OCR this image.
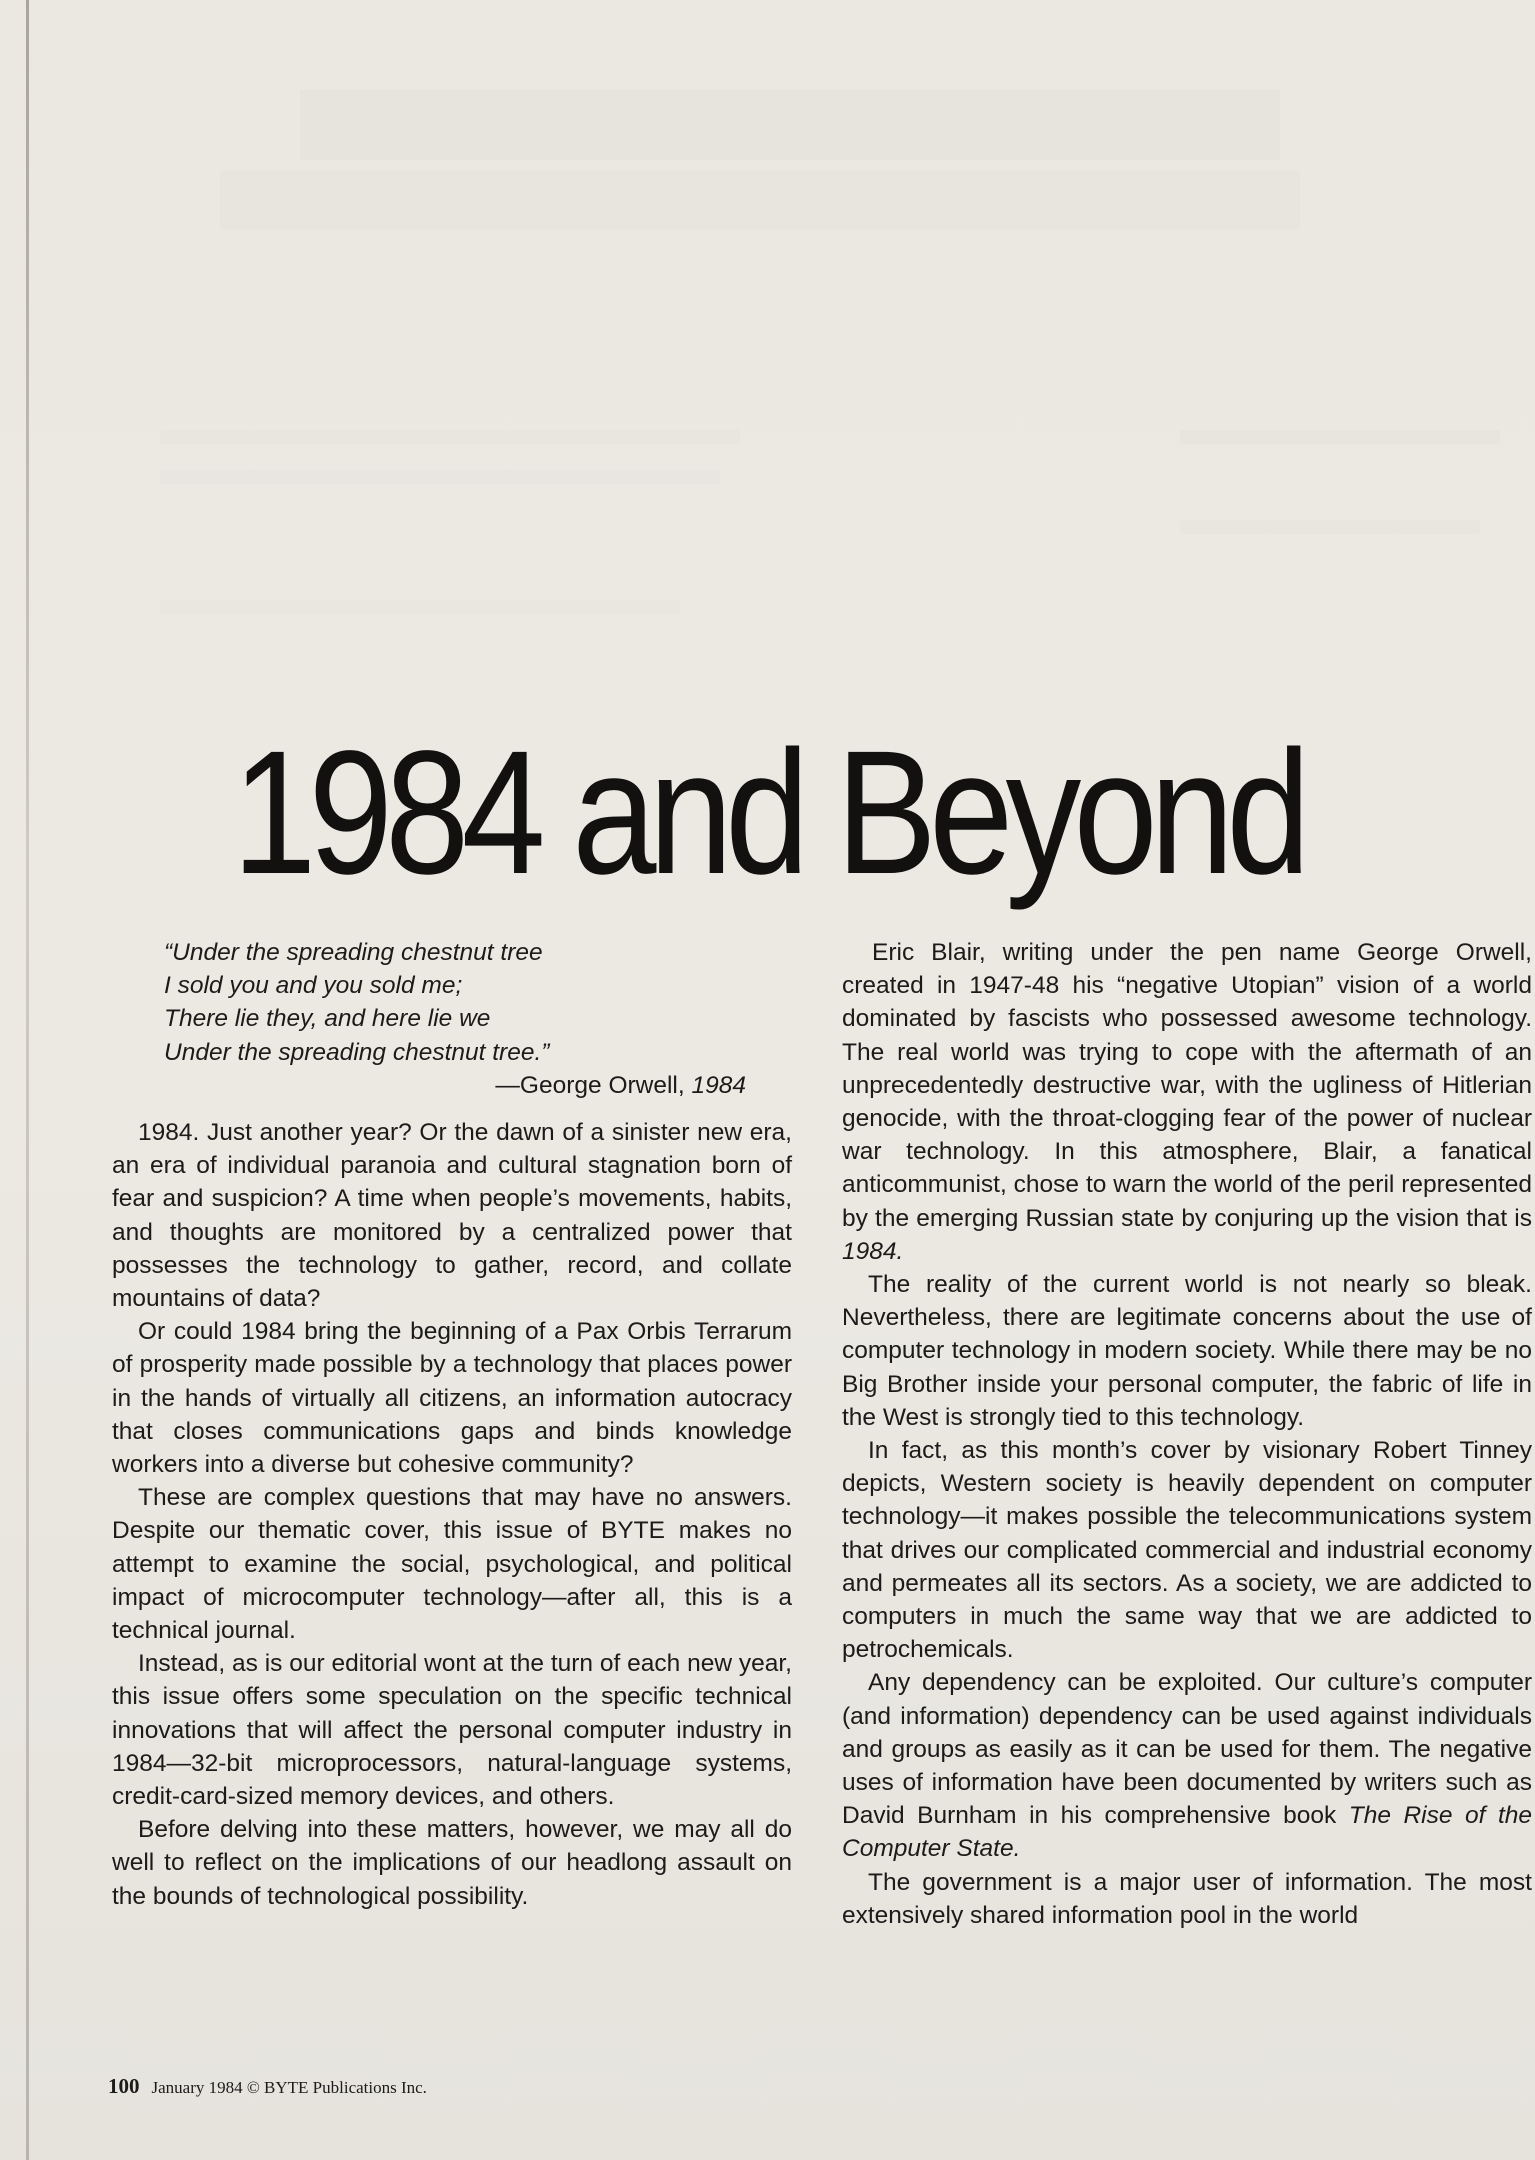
1984 and Beyond
“Under the spreading chestnut tree
I sold you and you sold me;
There lie they, and here lie we
Under the spreading chestnut tree.”
—George Orwell, 1984

1984. Just another year? Or the dawn of a sinister new era, an era of individual paranoia and cultural stagnation born of fear and suspicion? A time when people’s movements, habits, and thoughts are monitored by a centralized power that possesses the technology to gather, record, and collate mountains of data?

Or could 1984 bring the beginning of a Pax Orbis Terrarum of prosperity made possible by a technology that places power in the hands of virtually all citizens, an information autocracy that closes communications gaps and binds knowledge workers into a diverse but cohesive community?

These are complex questions that may have no answers. Despite our thematic cover, this issue of BYTE makes no attempt to examine the social, psychological, and political impact of microcomputer technology—after all, this is a technical journal.

Instead, as is our editorial wont at the turn of each new year, this issue offers some speculation on the specific technical innovations that will affect the personal computer industry in 1984—32-bit microprocessors, natural-language systems, credit-card-sized memory devices, and others.

Before delving into these matters, however, we may all do well to reflect on the implications of our headlong assault on the bounds of technological possibility.

Eric Blair, writing under the pen name George Orwell, created in 1947-48 his “negative Utopian” vision of a world dominated by fascists who possessed awesome technology. The real world was trying to cope with the aftermath of an unprecedentedly destructive war, with the ugliness of Hitlerian genocide, with the throat-clogging fear of the power of nuclear war technology. In this atmosphere, Blair, a fanatical anticommunist, chose to warn the world of the peril represented by the emerging Russian state by conjuring up the vision that is 1984.

The reality of the current world is not nearly so bleak. Nevertheless, there are legitimate concerns about the use of computer technology in modern society. While there may be no Big Brother inside your personal computer, the fabric of life in the West is strongly tied to this technology.

In fact, as this month’s cover by visionary Robert Tinney depicts, Western society is heavily dependent on computer technology—it makes possible the telecommunications system that drives our complicated commercial and industrial economy and permeates all its sectors. As a society, we are addicted to computers in much the same way that we are addicted to petrochemicals.

Any dependency can be exploited. Our culture’s computer (and information) dependency can be used against individuals and groups as easily as it can be used for them. The negative uses of information have been documented by writers such as David Burnham in his comprehensive book The Rise of the Computer State.

The government is a major user of information. The most extensively shared information pool in the world

100 January 1984 © BYTE Publications Inc.
